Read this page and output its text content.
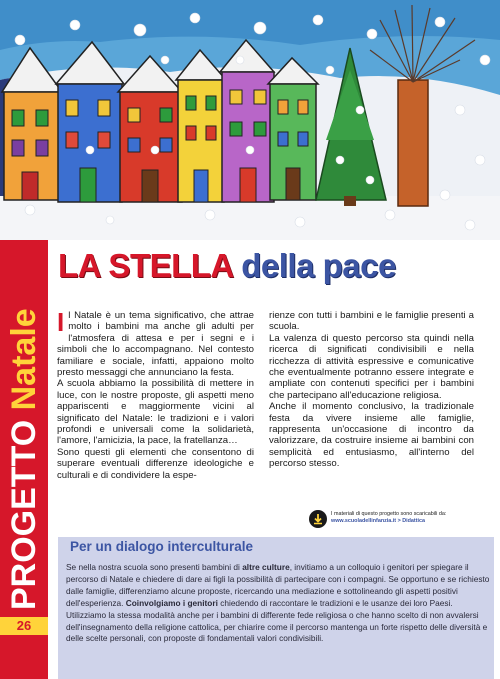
PROGETTO Natale
26
LA STELLA della pace

Il Natale è un tema significativo, che attrae molto i bambini ma anche gli adulti per l'atmosfera di attesa e per i segni e i simboli che lo accompagnano. Nel contesto familiare e sociale, infatti, appaiono molto presto messaggi che annunciano la festa.

A scuola abbiamo la possibilità di mettere in luce, con le nostre proposte, gli aspetti meno appariscenti e maggiormente vicini al significato del Natale: le tradizioni e i valori profondi e universali come la solidarietà, l'amore, l'amicizia, la pace, la fratellanza…

Sono questi gli elementi che consentono di superare eventuali differenze ideologiche e culturali e di condividere la espe-

rienze con tutti i bambini e le famiglie presenti a scuola.

La valenza di questo percorso sta quindi nella ricerca di significati condivisibili e nella ricchezza di attività espressive e comunicative che eventualmente potranno essere integrate e ampliate con contenuti specifici per i bambini che partecipano all'educazione religiosa.

Anche il momento conclusivo, la tradizionale festa da vivere insieme alle famiglie, rappresenta un'occasione di incontro da valorizzare, da costruire insieme ai bambini con semplicità ed entusiasmo, all'interno del percorso stesso.

I materiali di questo progetto sono scaricabili da:
www.scuoladellinfanzia.it > Didattica
Per un dialogo interculturale
Se nella nostra scuola sono presenti bambini di altre culture, invitiamo a un colloquio i genitori per spiegare il percorso di Natale e chiedere di dare ai figli la possibilità di partecipare con i compagni. Se opportuno e se richiesto dalle famiglie, differenziamo alcune proposte, ricercando una mediazione e sottolineando gli aspetti positivi dell'esperienza. Coinvolgiamo i genitori chiedendo di raccontare le tradizioni e le usanze dei loro Paesi. Utilizziamo la stessa modalità anche per i bambini di differente fede religiosa o che hanno scelto di non avvalersi dell'insegnamento della religione cattolica, per chiarire come il percorso mantenga un forte rispetto delle diversità e delle scelte personali, con proposte di fondamentali valori condivisibili.
